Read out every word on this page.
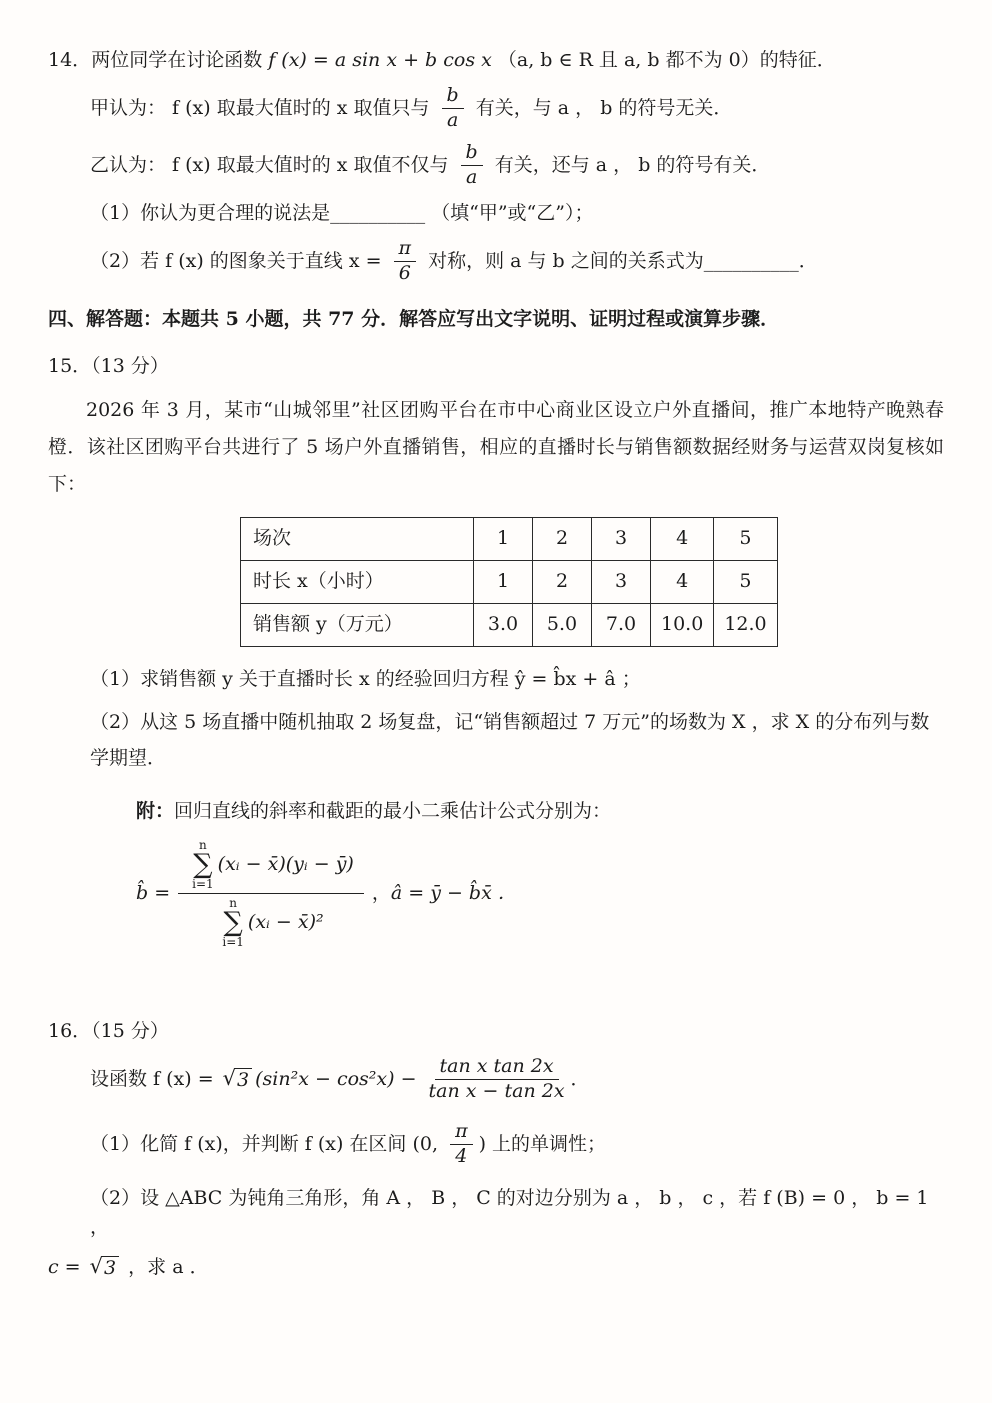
14．两位同学在讨论函数 f (x) = a sin x + b cos x （a, b ∈ R 且 a, b 都不为 0）的特征．
甲认为： f (x) 取最大值时的 x 取值只与 $\frac{b}{a}$ 有关，与 a ， b 的符号无关．
乙认为： f (x) 取最大值时的 x 取值不仅与 $\frac{b}{a}$ 有关，还与 a ， b 的符号有关．
（1）你认为更合理的说法是__________ （填“甲”或“乙”）；
（2）若 f (x) 的图象关于直线 $x = \frac{\pi}{6}$ 对称，则 a 与 b 之间的关系式为__________．
四、解答题：本题共 5 小题，共 77 分．解答应写出文字说明、证明过程或演算步骤．
15．（13 分）
2026 年 3 月，某市“山城邻里”社区团购平台在市中心商业区设立户外直播间，推广本地特产晚熟春橙．该社区团购平台共进行了 5 场户外直播销售，相应的直播时长与销售额数据经财务与运营双岗复核如下：
场次	1	2	3	4	5
时长 x（小时）	1	2	3	4	5
销售额 y（万元）	3.0	5.0	7.0	10.0	12.0
（1）求销售额 y 关于直播时长 x 的经验回归方程 ŷ = b̂x + â ；
（2）从这 5 场直播中随机抽取 2 场复盘，记“销售额超过 7 万元”的场数为 X ，求 X 的分布列与数学期望．
附：回归直线的斜率和截距的最小二乘估计公式分别为：
b̂ =
n
∑
i=1
(xᵢ − x̄)(yᵢ − ȳ)
n
∑
i=1
(xᵢ − x̄)²
， â = ȳ − b̂x̄ ．
16．（15 分）
设函数 f (x) = √ 3 $(\sin^2x - \cos^2x) - \frac{\text{tan x tan 2x}}{\text{tan x − tan 2x}}$ ．
（1）化简 f (x)，并判断 f (x) 在区间 (0, $\frac{\pi}{4}$ ) 上的单调性；
（2）设 △ABC 为钝角三角形，角 A ， B ， C 的对边分别为 a ， b ， c ，若 f (B) = 0 ， b = 1 ，
c = √ 3 ，求 a ．
